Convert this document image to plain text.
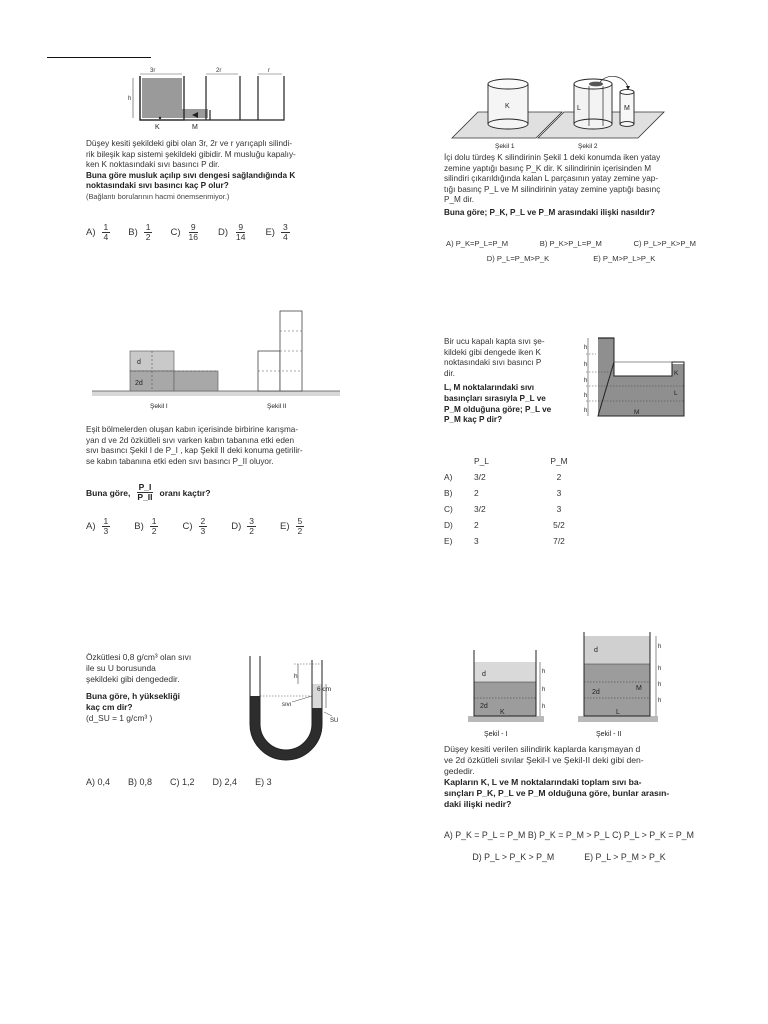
3r	2r	r
h
K	M
Düşey kesiti şekildeki gibi olan 3r, 2r ve r yarıçaplı silindi-
rik bileşik kap sistemi şekildeki gibidir. M musluğu kapalıy-
ken K noktasındaki sıvı basıncı P dir.
Buna göre musluk açılıp sıvı dengesi sağlandığında K
noktasındaki sıvı basıncı kaç P olur?
(Bağlantı borularının hacmi önemsenmiyor.)
$A) \frac{1}{4} B) \frac{1}{2} C) \frac{9}{16} D) \frac{9}{14} E) \frac{3}{4}$
K	L	M
Şekil 1	Şekil 2
İçi dolu türdeş K silindirinin Şekil 1 deki konumda iken yatay
zemine yaptığı basınç P_K dir. K silindirinin içerisinden M
silindiri çıkarıldığında kalan L parçasının yatay zemine yap-
tığı basınç P_L ve M silindirinin yatay zemine yaptığı basınç
P_M dir.
Buna göre; P_K, P_L ve P_M arasındaki ilişki nasıldır?
A) P_K=P_L=P_M	B) P_K>P_L=P_M	C) P_L>P_K>P_M
D) P_L=P_M>P_K	E) P_M>P_L>P_K
d
2d
Şekil I	Şekil II
Eşit bölmelerden oluşan kabın içerisinde birbirine karışma-
yan d ve 2d özkütleli sıvı varken kabın tabanına etki eden
sıvı basıncı Şekil I de P_I , kap Şekil II deki konuma getirilir-
se kabın tabanına etki eden sıvı basıncı P_II oluyor.
Buna göre, $\frac{P\_I}{P\_II}$ oranı kaçtır?
$A) \frac{1}{3}$	$B) \frac{1}{2}$	$C) \frac{2}{3}$	$D) \frac{3}{2}$	$E) \frac{5}{2}$
Bir ucu kapalı kapta sıvı şe-
kildeki gibi dengede iken K
noktasındaki sıvı basıncı P
dir.
L, M noktalarındaki sıvı
basınçları sırasıyla P_L ve
P_M olduğuna göre; P_L ve
P_M kaç P dir?
h
h
h
h
h
K
L
M
	P_L	P_M
A)	3/2	2
B)	2	3
C)	3/2	3
D)	2	5/2
E)	3	7/2
Özkütlesi 0,8 g/cm³ olan sıvı
ile su U borusunda
şekildeki gibi dengededir.
Buna göre, h yüksekliği
kaç cm dir?
(d_SU = 1 g/cm³ )
h
6 cm
sıvı
SU
A) 0,4 B) 0,8 C) 1,2 D) 2,4 E) 3
d
2d
K
h
h
h
d
2d
M
L
h
h
h
h
Şekil - I	Şekil - II
Düşey kesiti verilen silindirik kaplarda karışmayan d
ve 2d özkütleli sıvılar Şekil-I ve Şekil-II deki gibi den-
gededir.
Kapların K, L ve M noktalarındaki toplam sıvı ba-
sınçları P_K, P_L ve P_M olduğuna göre, bunlar arasın-
daki ilişki nedir?
A) P_K = P_L = P_M B) P_K = P_M > P_L C) P_L > P_K = P_M
D) P_L > P_K > P_M	E) P_L > P_M > P_K
